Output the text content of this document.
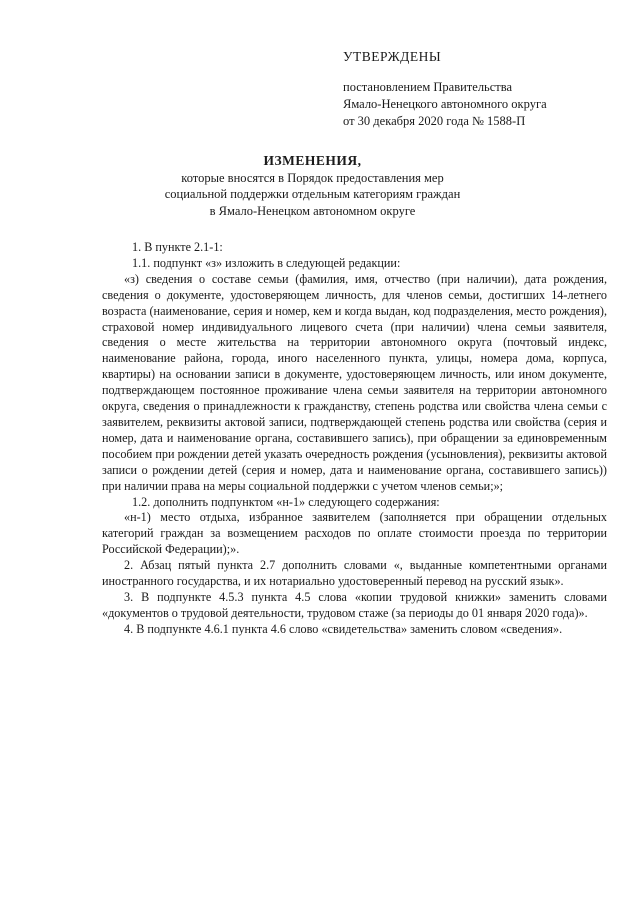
УТВЕРЖДЕНЫ
постановлением Правительства
Ямало-Ненецкого автономного округа
от 30 декабря 2020 года № 1588-П
ИЗМЕНЕНИЯ,
которые вносятся в Порядок предоставления мер
социальной поддержки отдельным категориям граждан
в Ямало-Ненецком автономном округе

1. В пункте 2.1-1:

1.1. подпункт «з» изложить в следующей редакции:

«з) сведения о составе семьи (фамилия, имя, отчество (при наличии), дата рождения, сведения о документе, удостоверяющем личность, для членов семьи, достигших 14-летнего возраста (наименование, серия и номер, кем и когда выдан, код подразделения, место рождения), страховой номер индивидуального лицевого счета (при наличии) члена семьи заявителя, сведения о месте жительства на территории автономного округа (почтовый индекс, наименование района, города, иного населенного пункта, улицы, номера дома, корпуса, квартиры) на основании записи в документе, удостоверяющем личность, или ином документе, подтверждающем постоянное проживание члена семьи заявителя на территории автономного округа, сведения о принадлежности к гражданству, степень родства или свойства члена семьи с заявителем, реквизиты актовой записи, подтверждающей степень родства или свойства (серия и номер, дата и наименование органа, составившего запись), при обращении за единовременным пособием при рождении детей указать очередность рождения (усыновления), реквизиты актовой записи о рождении детей (серия и номер, дата и наименование органа, составившего запись)) при наличии права на меры социальной поддержки с учетом членов семьи;»;

1.2. дополнить подпунктом «н-1» следующего содержания:

«н-1) место отдыха, избранное заявителем (заполняется при обращении отдельных категорий граждан за возмещением расходов по оплате стоимости проезда по территории Российской Федерации);».

2. Абзац пятый пункта 2.7 дополнить словами «, выданные компетентными органами иностранного государства, и их нотариально удостоверенный перевод на русский язык».

3. В подпункте 4.5.3 пункта 4.5 слова «копии трудовой книжки» заменить словами «документов о трудовой деятельности, трудовом стаже (за периоды до 01 января 2020 года)».

4. В подпункте 4.6.1 пункта 4.6 слово «свидетельства» заменить словом «сведения».
